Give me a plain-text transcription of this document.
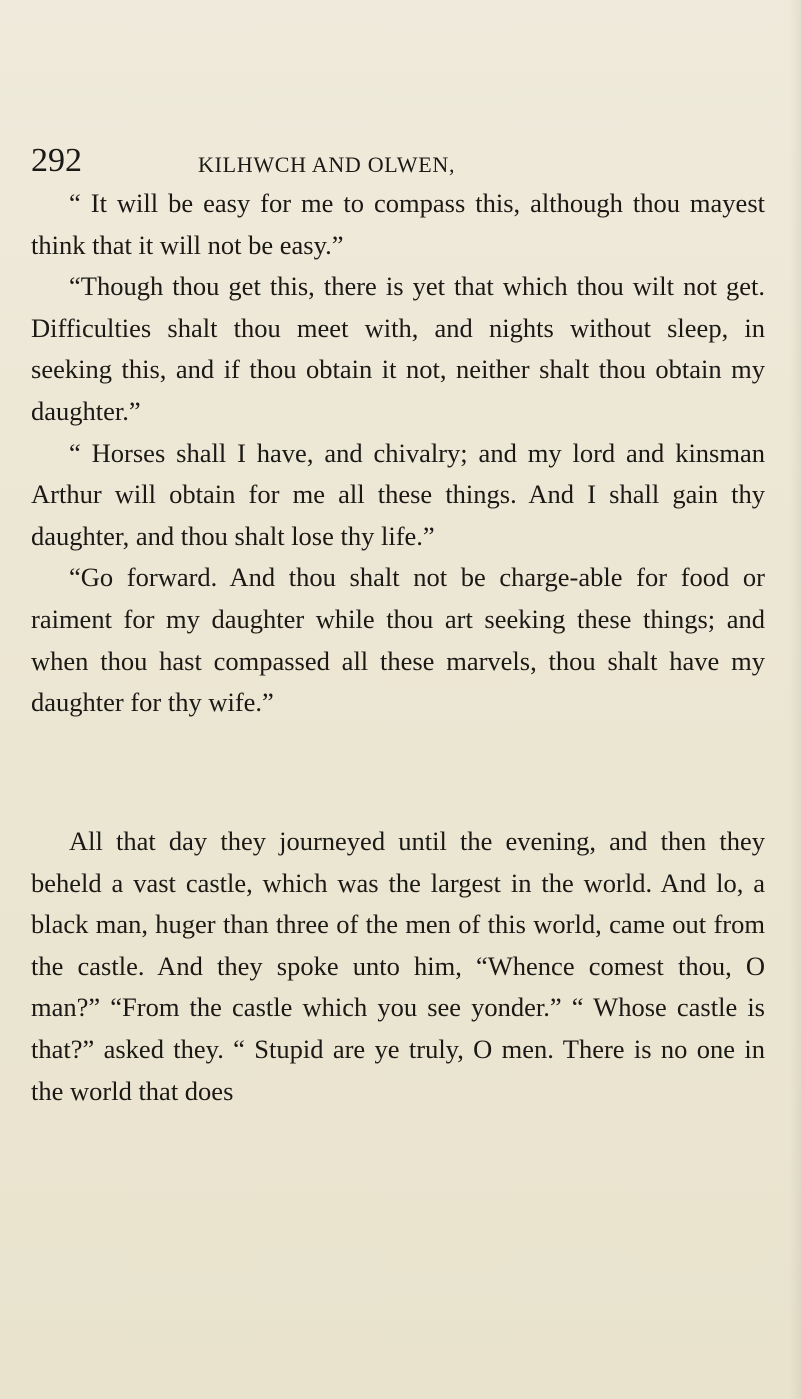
292	KILHWCH AND OLWEN,

“ It will be easy for me to compass this, although thou mayest think that it will not be easy.”

“Though thou get this, there is yet that which thou wilt not get. Difficulties shalt thou meet with, and nights without sleep, in seeking this, and if thou obtain it not, neither shalt thou obtain my daughter.”

“ Horses shall I have, and chivalry; and my lord and kinsman Arthur will obtain for me all these things. And I shall gain thy daughter, and thou shalt lose thy life.”

“Go forward. And thou shalt not be charge-able for food or raiment for my daughter while thou art seeking these things; and when thou hast compassed all these marvels, thou shalt have my daughter for thy wife.”

All that day they journeyed until the evening, and then they beheld a vast castle, which was the largest in the world. And lo, a black man, huger than three of the men of this world, came out from the castle. And they spoke unto him, “Whence comest thou, O man?” “From the castle which you see yonder.” “ Whose castle is that?” asked they. “ Stupid are ye truly, O men. There is no one in the world that does
